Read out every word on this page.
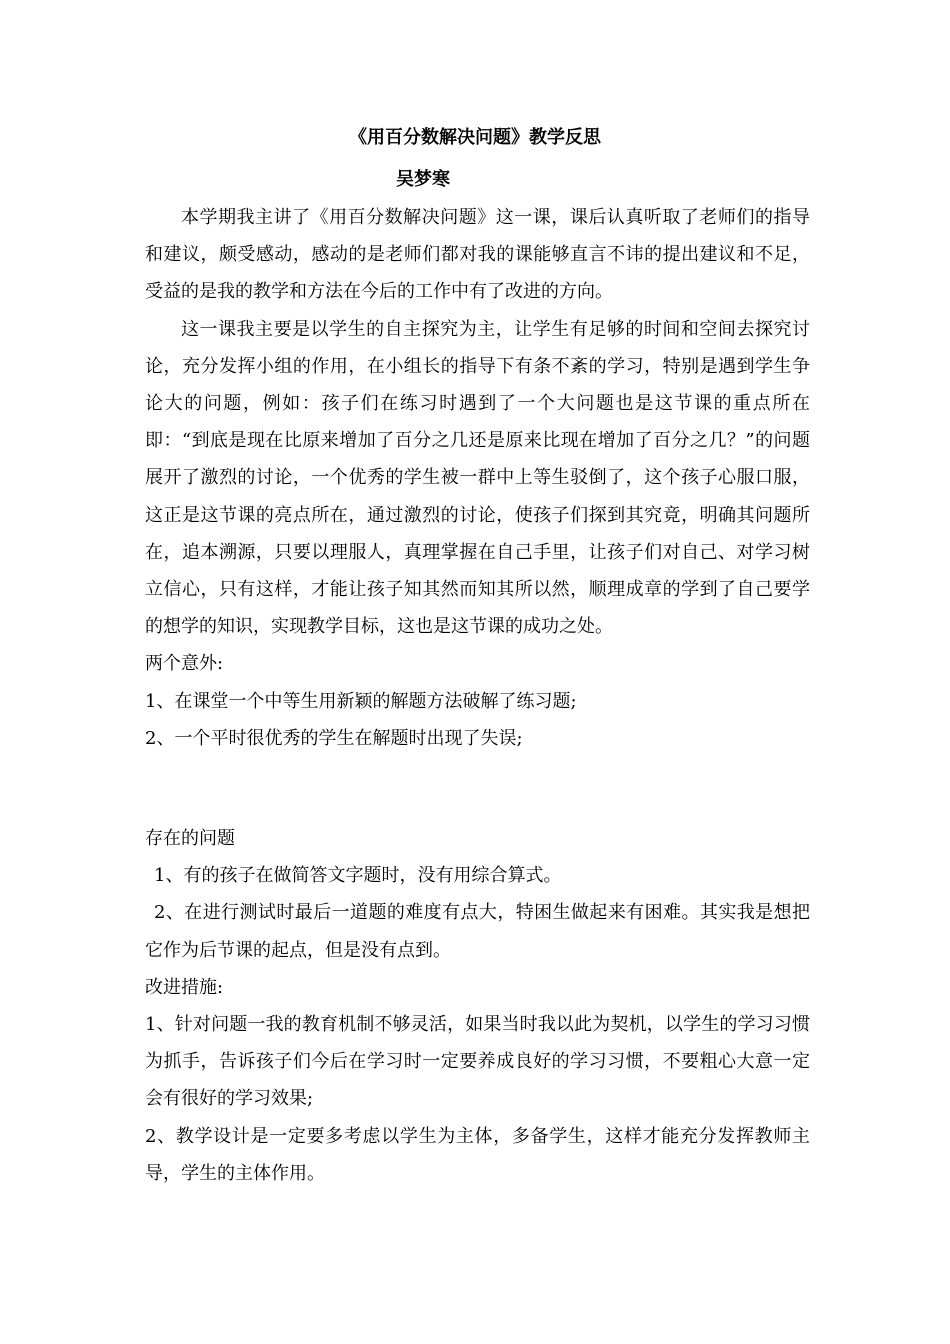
《用百分数解决问题》教学反思
吴梦寒

本学期我主讲了《用百分数解决问题》这一课，课后认真听取了老师们的指导和建议，颇受感动，感动的是老师们都对我的课能够直言不讳的提出建议和不足，受益的是我的教学和方法在今后的工作中有了改进的方向。

这一课我主要是以学生的自主探究为主，让学生有足够的时间和空间去探究讨论，充分发挥小组的作用，在小组长的指导下有条不紊的学习，特别是遇到学生争论大的问题，例如：孩子们在练习时遇到了一个大问题也是这节课的重点所在即：“到底是现在比原来增加了百分之几还是原来比现在增加了百分之几？”的问题展开了激烈的讨论，一个优秀的学生被一群中上等生驳倒了，这个孩子心服口服，这正是这节课的亮点所在，通过激烈的讨论，使孩子们探到其究竟，明确其问题所在，追本溯源，只要以理服人，真理掌握在自己手里，让孩子们对自己、对学习树立信心，只有这样，才能让孩子知其然而知其所以然，顺理成章的学到了自己要学的想学的知识，实现教学目标，这也是这节课的成功之处。

两个意外:

1、在课堂一个中等生用新颖的解题方法破解了练习题;

2、一个平时很优秀的学生在解题时出现了失误;

存在的问题

1、有的孩子在做简答文字题时，没有用综合算式。

2、在进行测试时最后一道题的难度有点大，特困生做起来有困难。其实我是想把它作为后节课的起点，但是没有点到。

改进措施:

1、针对问题一我的教育机制不够灵活，如果当时我以此为契机，以学生的学习习惯为抓手，告诉孩子们今后在学习时一定要养成良好的学习习惯，不要粗心大意一定会有很好的学习效果;

2、教学设计是一定要多考虑以学生为主体，多备学生，这样才能充分发挥教师主导，学生的主体作用。
